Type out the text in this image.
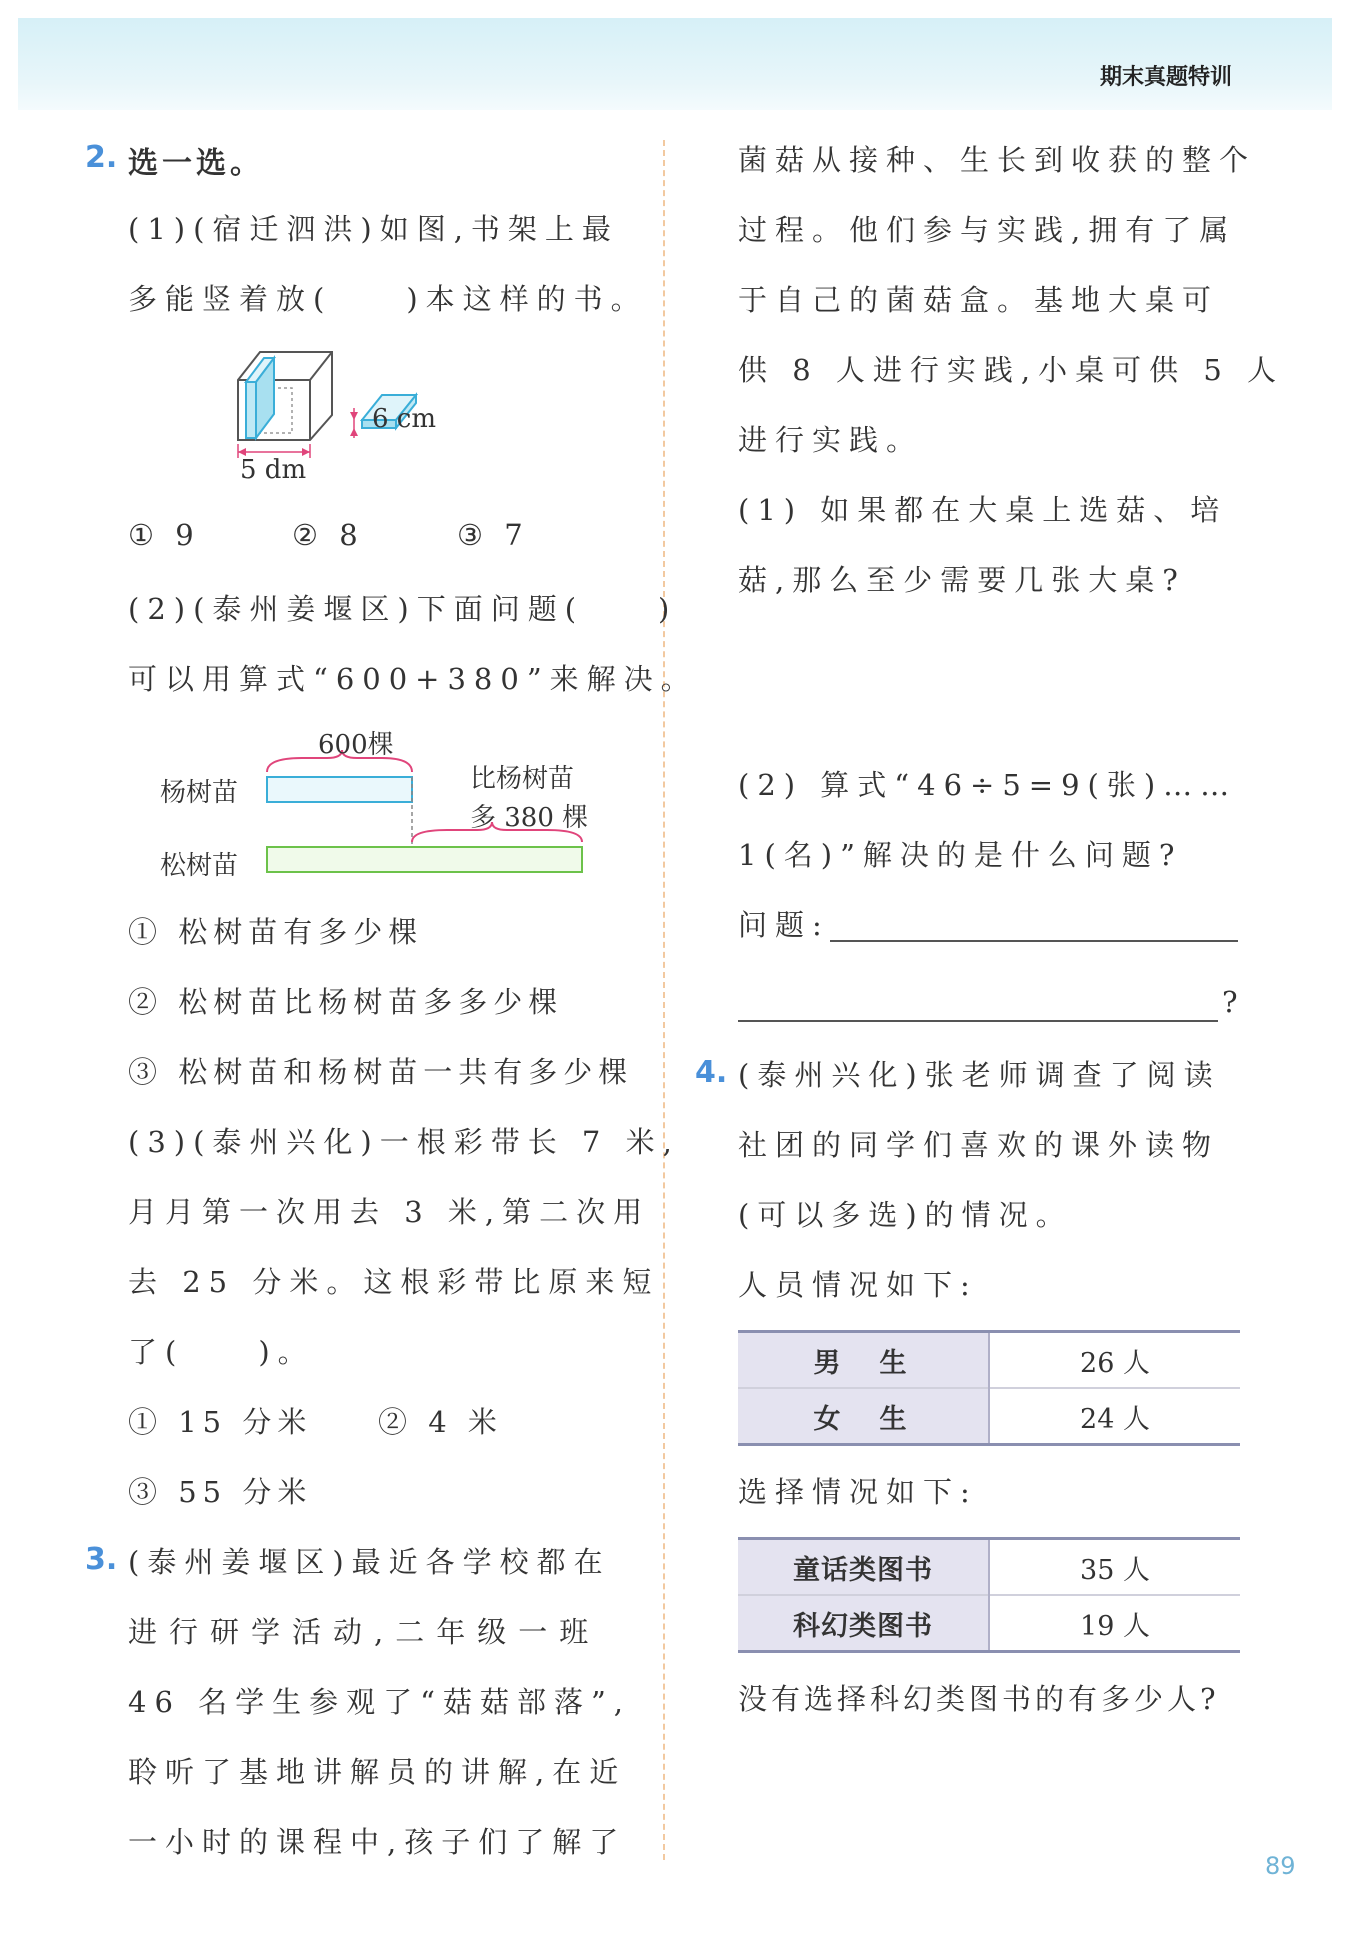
期末真题特训
2. 选一选。
(1)(宿迁泗洪)如图,书架上最
多能竖着放(　　)本这样的书。
5 dm
6 cm
① 9	② 8	③ 7
(2)(泰州姜堰区)下面问题(　　)
可以用算式“600+380”来解决。
600棵
杨树苗
松树苗
比杨树苗
多 380 棵
① 松树苗有多少棵
② 松树苗比杨树苗多多少棵
③ 松树苗和杨树苗一共有多少棵
(3)(泰州兴化)一根彩带长 7 米,
月月第一次用去 3 米,第二次用
去 25 分米。这根彩带比原来短
了(　　)。
① 15 分米 ② 4 米
③ 55 分米
3. (泰州姜堰区)最近各学校都在
进行研学活动,二年级一班
46 名学生参观了“菇菇部落”,
聆听了基地讲解员的讲解,在近
一小时的课程中,孩子们了解了
菌菇从接种、生长到收获的整个
过程。他们参与实践,拥有了属
于自己的菌菇盒。基地大桌可
供 8 人进行实践,小桌可供 5 人
进行实践。
(1) 如果都在大桌上选菇、培
菇,那么至少需要几张大桌?
(2) 算式“46÷5=9(张)……
1(名)”解决的是什么问题?
问题:
?
4. (泰州兴化)张老师调查了阅读
社团的同学们喜欢的课外读物
(可以多选)的情况。
人员情况如下:
男　生	26 人
女　生	24 人
选择情况如下:
童话类图书	35 人
科幻类图书	19 人
没有选择科幻类图书的有多少人?
89
